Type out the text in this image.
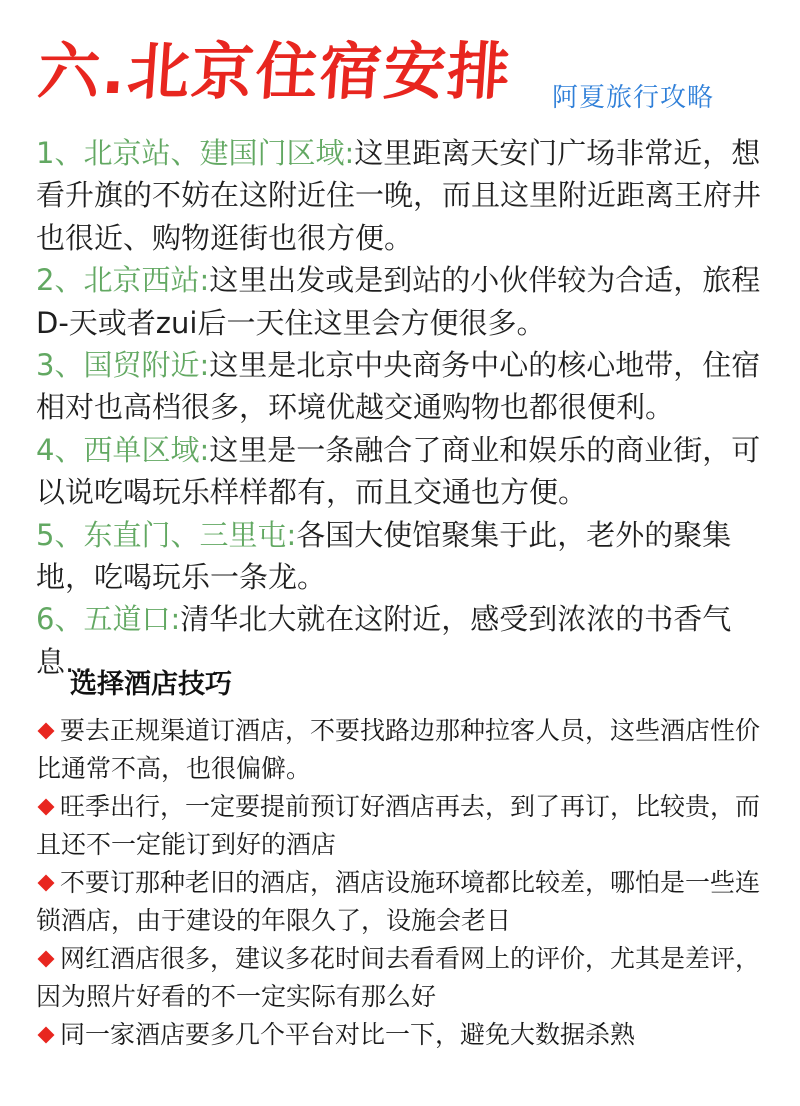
六.北京住宿安排 阿夏旅行攻略

1、北京站、建国门区域:这里距离天安门广场非常近，想看升旗的不妨在这附近住一晚，而且这里附近距离王府井也很近、购物逛街也很方便。

2、北京西站:这里出发或是到站的小伙伴较为合适，旅程D-天或者zui后一天住这里会方便很多。

3、国贸附近:这里是北京中央商务中心的核心地带，住宿相对也高档很多，环境优越交通购物也都很便利。

4、西单区域:这里是一条融合了商业和娱乐的商业街，可以说吃喝玩乐样样都有，而且交通也方便。

5、东直门、三里屯:各国大使馆聚集于此，老外的聚集地，吃喝玩乐一条龙。

6、五道口:清华北大就在这附近，感受到浓浓的书香气息...

选择酒店技巧

要去正规渠道订酒店，不要找路边那种拉客人员，这些酒店性价比通常不高，也很偏僻。

旺季出行，一定要提前预订好酒店再去，到了再订，比较贵，而且还不一定能订到好的酒店

不要订那种老旧的酒店，酒店设施环境都比较差，哪怕是一些连锁酒店，由于建设的年限久了，设施会老日

网红酒店很多，建议多花时间去看看网上的评价，尤其是差评，因为照片好看的不一定实际有那么好

同一家酒店要多几个平台对比一下，避免大数据杀熟
